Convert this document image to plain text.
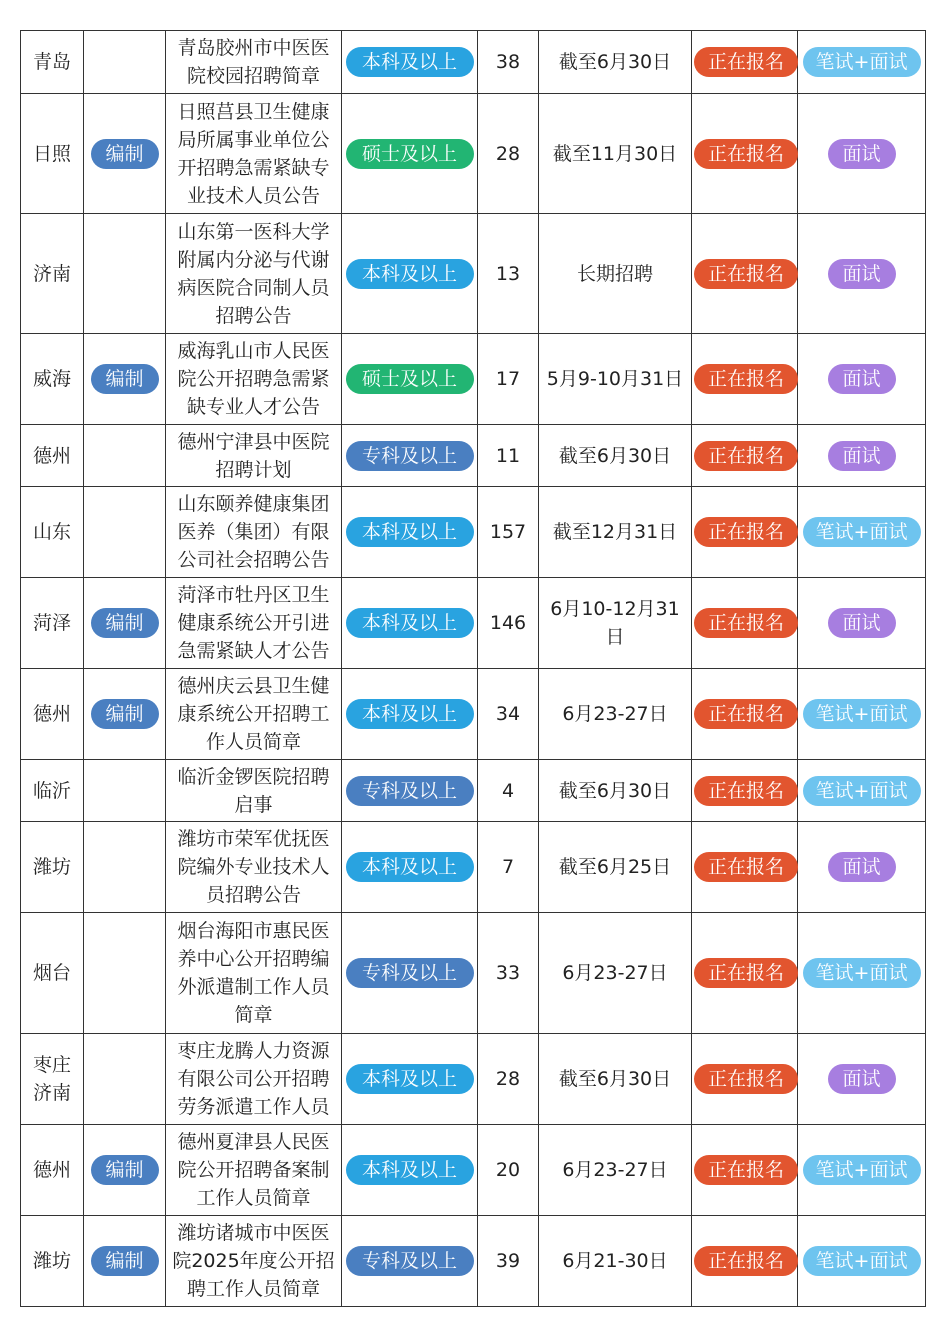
青岛		青岛胶州市中医医院校园招聘简章	本科及以上	38	截至6月30日	正在报名	笔试+面试
日照	编制	日照莒县卫生健康局所属事业单位公开招聘急需紧缺专业技术人员公告	硕士及以上	28	截至11月30日	正在报名	面试
济南		山东第一医科大学附属内分泌与代谢病医院合同制人员招聘公告	本科及以上	13	长期招聘	正在报名	面试
威海	编制	威海乳山市人民医院公开招聘急需紧缺专业人才公告	硕士及以上	17	5月9-10月31日	正在报名	面试
德州		德州宁津县中医院招聘计划	专科及以上	11	截至6月30日	正在报名	面试
山东		山东颐养健康集团医养（集团）有限公司社会招聘公告	本科及以上	157	截至12月31日	正在报名	笔试+面试
菏泽	编制	菏泽市牡丹区卫生健康系统公开引进急需紧缺人才公告	本科及以上	146	6月10-12月31日	正在报名	面试
德州	编制	德州庆云县卫生健康系统公开招聘工作人员简章	本科及以上	34	6月23-27日	正在报名	笔试+面试
临沂		临沂金锣医院招聘启事	专科及以上	4	截至6月30日	正在报名	笔试+面试
潍坊		潍坊市荣军优抚医院编外专业技术人员招聘公告	本科及以上	7	截至6月25日	正在报名	面试
烟台		烟台海阳市惠民医养中心公开招聘编外派遣制工作人员简章	专科及以上	33	6月23-27日	正在报名	笔试+面试
枣庄济南		枣庄龙腾人力资源有限公司公开招聘劳务派遣工作人员	本科及以上	28	截至6月30日	正在报名	面试
德州	编制	德州夏津县人民医院公开招聘备案制工作人员简章	本科及以上	20	6月23-27日	正在报名	笔试+面试
潍坊	编制	潍坊诸城市中医医院2025年度公开招聘工作人员简章	专科及以上	39	6月21-30日	正在报名	笔试+面试
